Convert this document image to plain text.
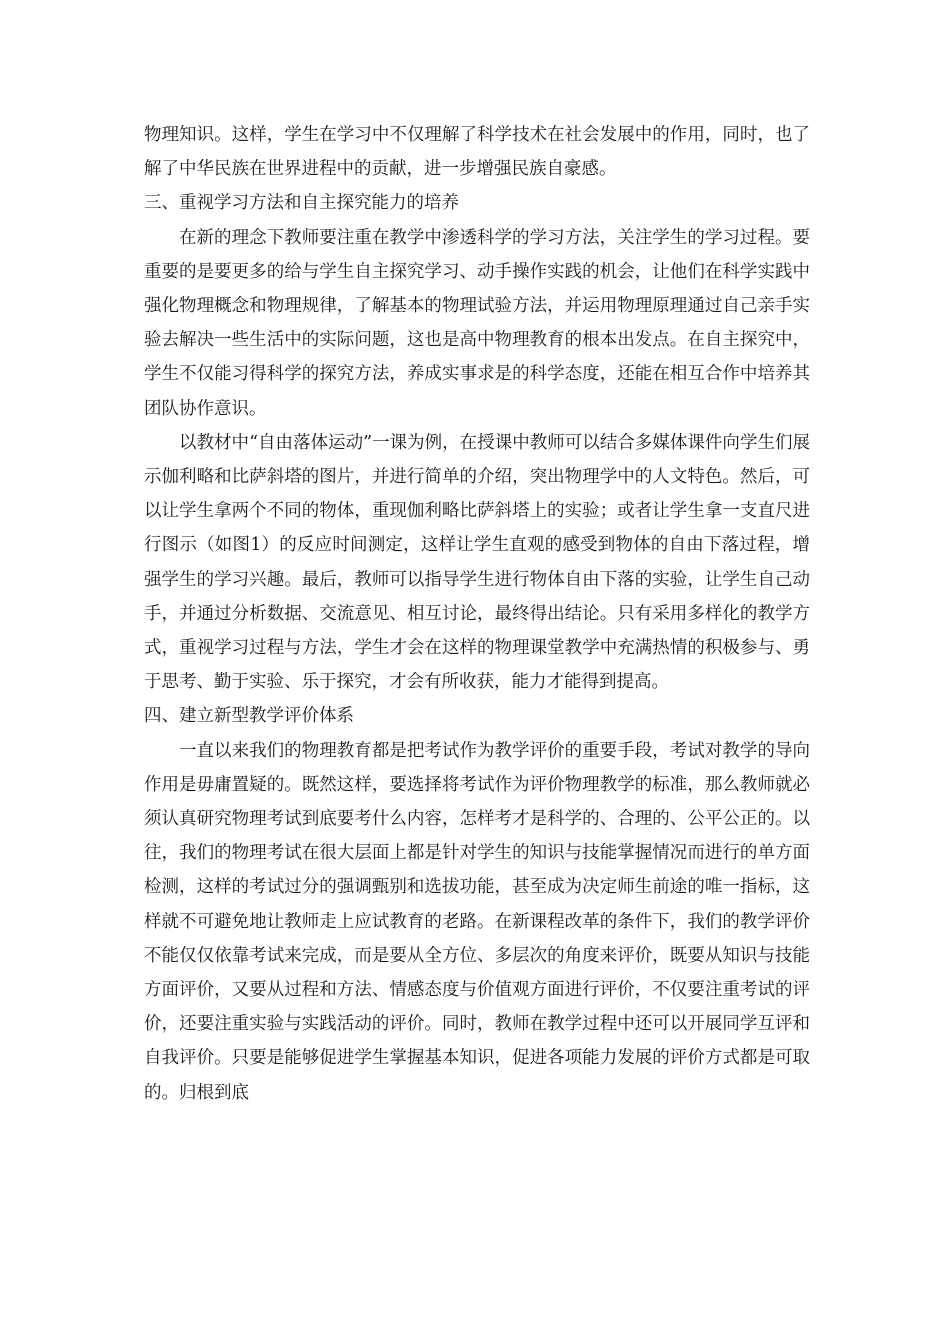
物理知识。这样，学生在学习中不仅理解了科学技术在社会发展中的作用，同时，也了解了中华民族在世界进程中的贡献，进一步增强民族自豪感。

三、重视学习方法和自主探究能力的培养

在新的理念下教师要注重在教学中渗透科学的学习方法，关注学生的学习过程。要重要的是要更多的给与学生自主探究学习、动手操作实践的机会，让他们在科学实践中强化物理概念和物理规律，了解基本的物理试验方法，并运用物理原理通过自己亲手实验去解决一些生活中的实际问题，这也是高中物理教育的根本出发点。在自主探究中，学生不仅能习得科学的探究方法，养成实事求是的科学态度，还能在相互合作中培养其团队协作意识。

以教材中“自由落体运动”一课为例，在授课中教师可以结合多媒体课件向学生们展示伽利略和比萨斜塔的图片，并进行简单的介绍，突出物理学中的人文特色。然后，可以让学生拿两个不同的物体，重现伽利略比萨斜塔上的实验；或者让学生拿一支直尺进行图示（如图1）的反应时间测定，这样让学生直观的感受到物体的自由下落过程，增强学生的学习兴趣。最后，教师可以指导学生进行物体自由下落的实验，让学生自己动手，并通过分析数据、交流意见、相互讨论，最终得出结论。只有采用多样化的教学方式，重视学习过程与方法，学生才会在这样的物理课堂教学中充满热情的积极参与、勇于思考、勤于实验、乐于探究，才会有所收获，能力才能得到提高。

四、建立新型教学评价体系

一直以来我们的物理教育都是把考试作为教学评价的重要手段，考试对教学的导向作用是毋庸置疑的。既然这样，要选择将考试作为评价物理教学的标准，那么教师就必须认真研究物理考试到底要考什么内容，怎样考才是科学的、合理的、公平公正的。以往，我们的物理考试在很大层面上都是针对学生的知识与技能掌握情况而进行的单方面检测，这样的考试过分的强调甄别和选拔功能，甚至成为决定师生前途的唯一指标，这样就不可避免地让教师走上应试教育的老路。在新课程改革的条件下，我们的教学评价不能仅仅依靠考试来完成，而是要从全方位、多层次的角度来评价，既要从知识与技能方面评价，又要从过程和方法、情感态度与价值观方面进行评价，不仅要注重考试的评价，还要注重实验与实践活动的评价。同时，教师在教学过程中还可以开展同学互评和自我评价。只要是能够促进学生掌握基本知识，促进各项能力发展的评价方式都是可取的。归根到底
